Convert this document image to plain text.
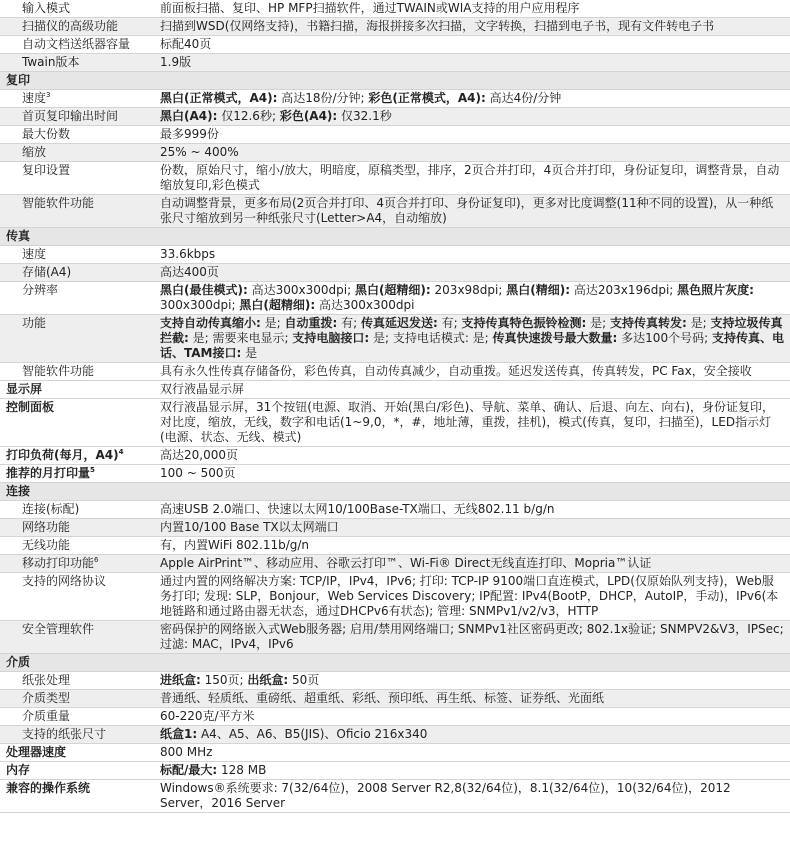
输入模式	前面板扫描、复印、HP MFP扫描软件，通过TWAIN或WIA支持的用户应用程序
扫描仪的高级功能	扫描到WSD(仅网络支持)，书籍扫描，海报拼接多次扫描，文字转换，扫描到电子书，现有文件转电子书
自动文档送纸器容量	标配40页
Twain版本	1.9版
复印
速度$^3$	黑白(正常模式，A4): 高达18份/分钟; 彩色(正常模式，A4): 高达4份/分钟
首页复印输出时间	黑白(A4): 仅12.6秒; 彩色(A4): 仅32.1秒
最大份数	最多999份
缩放	25% ~ 400%
复印设置	份数，原始尺寸，缩小/放大，明暗度，原稿类型，排序，2页合并打印，4页合并打印，身份证复印，调整背景，自动缩放复印,彩色模式
智能软件功能	自动调整背景，更多布局(2页合并打印、4页合并打印、身份证复印)，更多对比度调整(11种不同的设置)，从一种纸张尺寸缩放到另一种纸张尺寸(Letter>A4，自动缩放)
传真
速度	33.6kbps
存储(A4)	高达400页
分辨率	黑白(最佳模式): 高达300x300dpi; 黑白(超精细): 203x98dpi; 黑白(精细): 高达203x196dpi; 黑色照片灰度: 300x300dpi; 黑白(超精细): 高达300x300dpi
功能	支持自动传真缩小: 是; 自动重拨: 有; 传真延迟发送: 有; 支持传真特色振铃检测: 是; 支持传真转发: 是; 支持垃圾传真拦截: 是; 需要来电显示; 支持电脑接口: 是; 支持电话模式: 是; 传真快速拨号最大数量: 多达100个号码; 支持传真、电话、TAM接口: 是
智能软件功能	具有永久性传真存储备份，彩色传真，自动传真减少，自动重拨。延迟发送传真，传真转发，PC Fax，安全接收
显示屏	双行液晶显示屏
控制面板	双行液晶显示屏，31个按钮(电源、取消、开始(黑白/彩色)、导航、菜单、确认、后退、向左、向右)，身份证复印，对比度，缩放，无线，数字和电话(1~9,0，*，#，地址薄，重拨，挂机)，模式(传真，复印，扫描至)，LED指示灯(电源、状态、无线、模式)
打印负荷(每月，A4)$^4$	高达20,000页
推荐的月打印量$^5$	100 ~ 500页
连接
连接(标配)	高速USB 2.0端口、快速以太网10/100Base-TX端口、无线802.11 b/g/n
网络功能	内置10/100 Base TX以太网端口
无线功能	有，内置WiFi 802.11b/g/n
移动打印功能$^6$	Apple AirPrint™、移动应用、谷歌云打印™、Wi-Fi® Direct无线直连打印、Mopria™认证
支持的网络协议	通过内置的网络解决方案: TCP/IP，IPv4，IPv6; 打印: TCP-IP 9100端口直连模式，LPD(仅原始队列支持)，Web服务打印; 发现: SLP，Bonjour，Web Services Discovery; IP配置: IPv4(BootP，DHCP，AutoIP，手动)，IPv6(本地链路和通过路由器无状态，通过DHCPv6有状态); 管理: SNMPv1/v2/v3，HTTP
安全管理软件	密码保护的网络嵌入式Web服务器; 启用/禁用网络端口; SNMPv1社区密码更改; 802.1x验证; SNMPV2&V3，IPSec; 过滤: MAC，IPv4，IPv6
介质
纸张处理	进纸盒: 150页; 出纸盒: 50页
介质类型	普通纸、轻质纸、重磅纸、超重纸、彩纸、预印纸、再生纸、标签、证券纸、光面纸
介质重量	60-220克/平方米
支持的纸张尺寸	纸盒1: A4、A5、A6、B5(JIS)、Oficio 216x340
处理器速度	800 MHz
内存	标配/最大: 128 MB
兼容的操作系统	Windows®系统要求: 7(32/64位)，2008 Server R2,8(32/64位)，8.1(32/64位)，10(32/64位)，2012 Server，2016 Server
